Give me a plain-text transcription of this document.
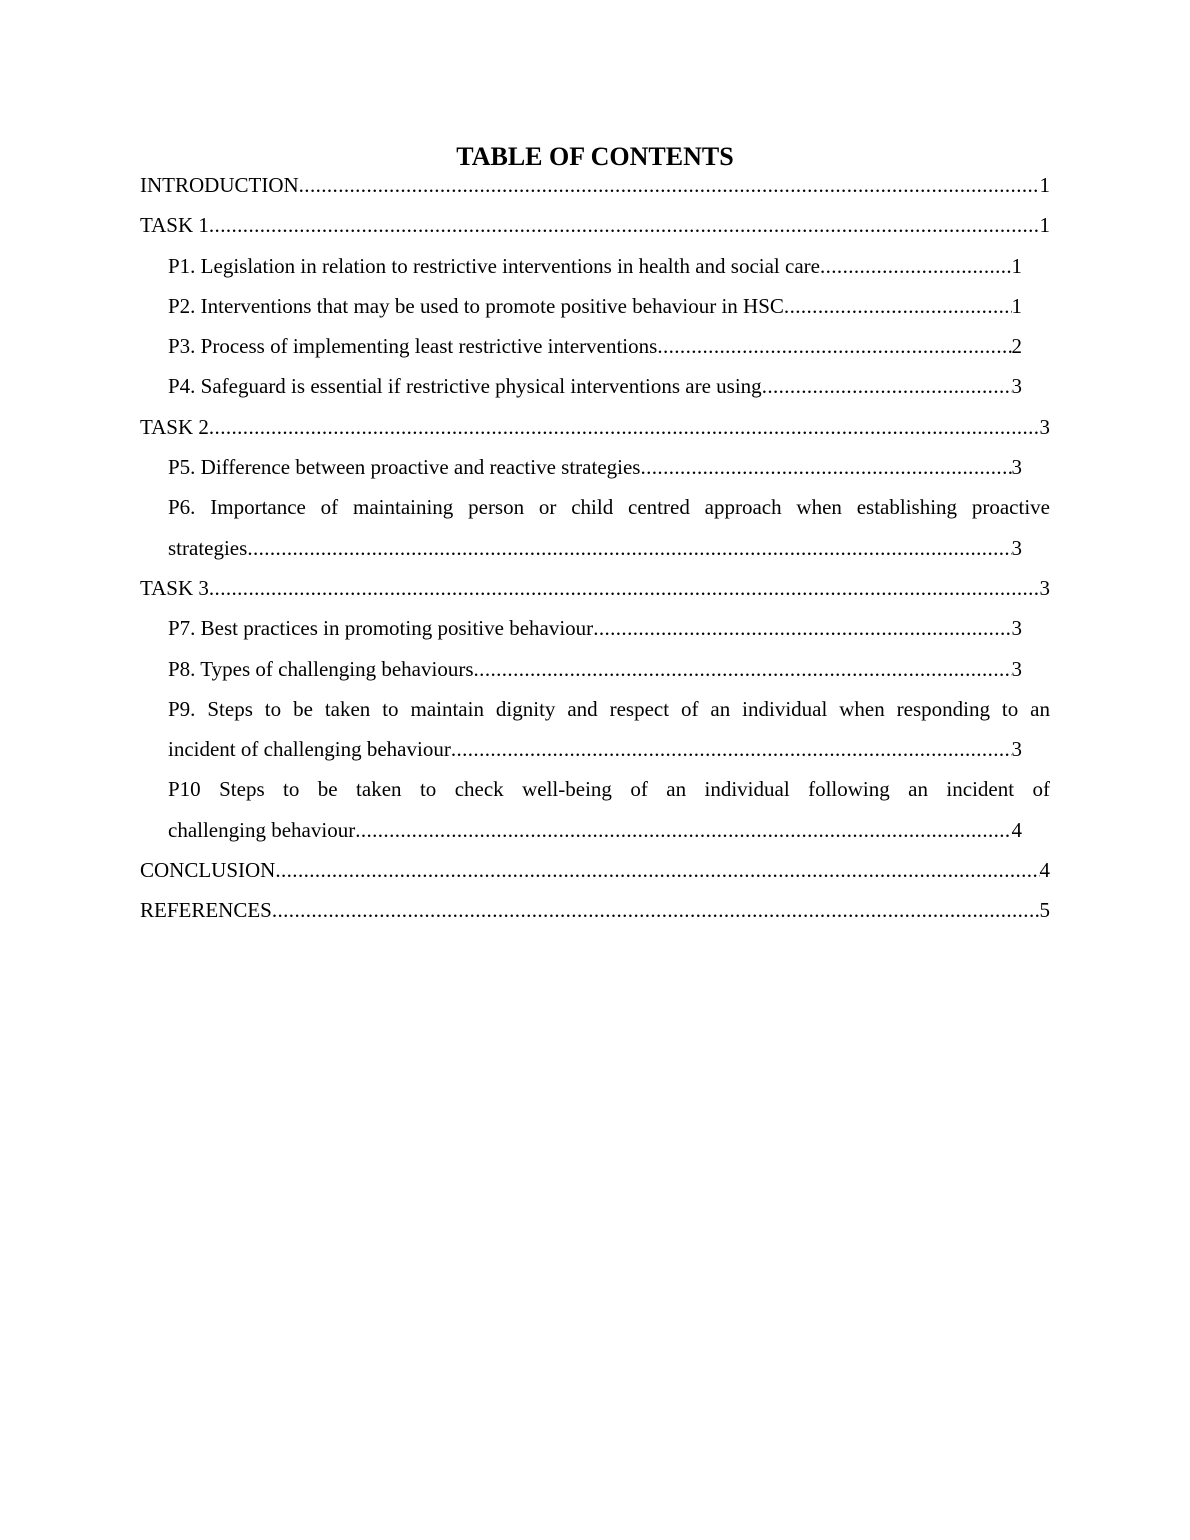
TABLE OF CONTENTS
INTRODUCTION .....	1
TASK 1 .....	1
P1. Legislation in relation to restrictive interventions in health and social care .....	1
P2. Interventions that may be used to promote positive behaviour in HSC .....	1
P3. Process of implementing least restrictive interventions .....	2
P4. Safeguard is essential if restrictive physical interventions are using .....	3
TASK 2 .....	3
P5. Difference between proactive and reactive strategies .....	3
P6. Importance of maintaining person or child centred approach when establishing proactive
strategies .....	3
TASK 3 .....	3
P7. Best practices in promoting positive behaviour .....	3
P8. Types of challenging behaviours .....	3
P9. Steps to be taken to maintain dignity and respect of an individual when responding to an
incident of challenging behaviour .....	3
P10 Steps to be taken to check well-being of an individual following an incident of
challenging behaviour .....	4
CONCLUSION .....	4
REFERENCES .....	5
